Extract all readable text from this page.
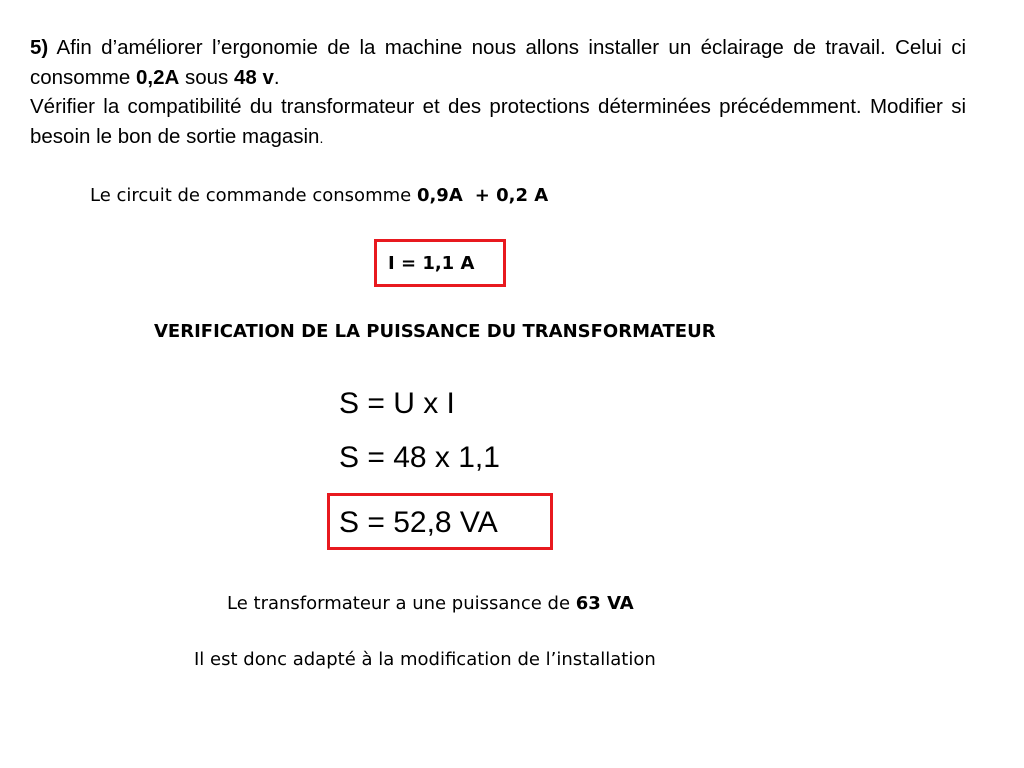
5) Afin d’améliorer l’ergonomie de la machine nous allons installer un éclairage de travail. Celui ci consomme 0,2A sous 48 v.

Vérifier la compatibilité du transformateur et des protections déterminées précédemment. Modifier si besoin le bon de sortie magasin.

Le circuit de commande consomme 0,9A + 0,2 A
I = 1,1 A
VERIFICATION DE LA PUISSANCE DU TRANSFORMATEUR
S = U x I
S = 48 x 1,1
S = 52,8 VA
Le transformateur a une puissance de 63 VA
Il est donc adapté à la modification de l’installation
